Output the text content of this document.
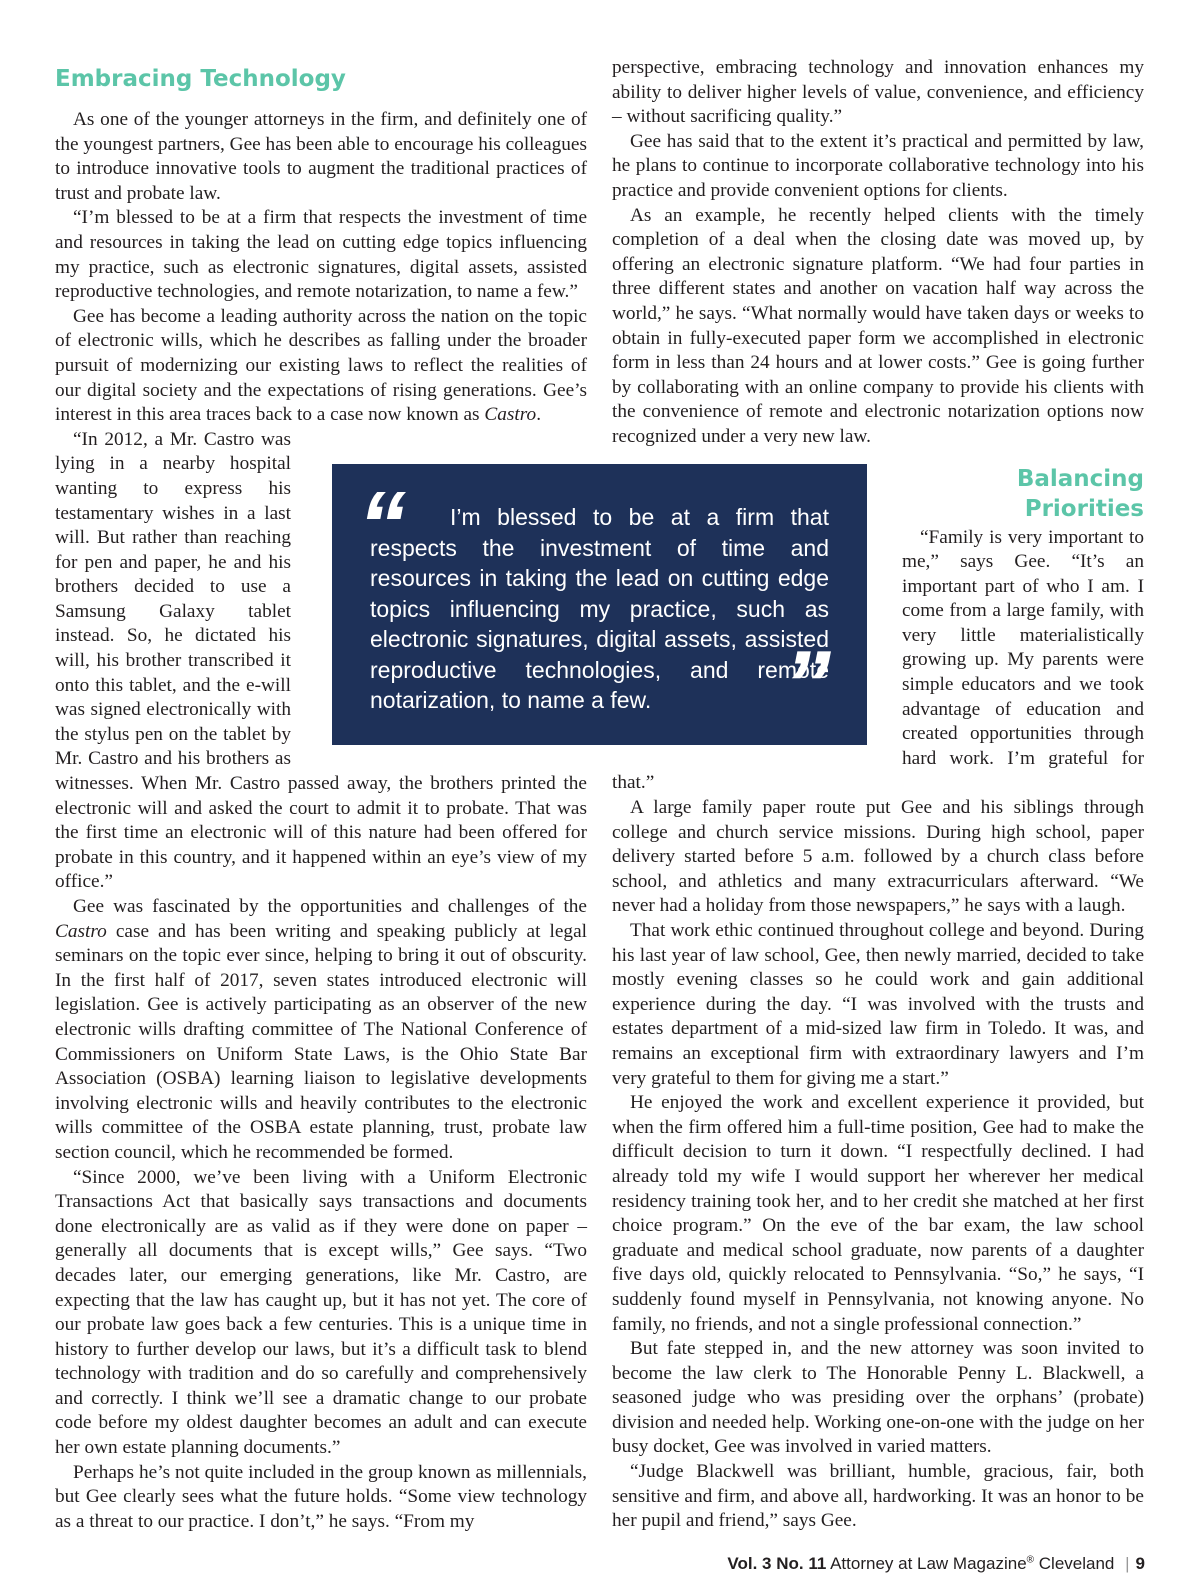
Embracing Technology

As one of the younger attorneys in the firm, and definitely one of the youngest partners, Gee has been able to encourage his colleagues to introduce innovative tools to augment the traditional practices of trust and probate law.

“I’m blessed to be at a firm that respects the investment of time and resources in taking the lead on cutting edge topics influencing my practice, such as electronic signatures, digital assets, assisted reproductive technologies, and remote notarization, to name a few.”

Gee has become a leading authority across the nation on the topic of electronic wills, which he describes as falling under the broader pursuit of modernizing our existing laws to reflect the realities of our digital society and the expectations of rising generations. Gee’s interest in this area traces back to a case now known as Castro.

“In 2012, a Mr. Castro was lying in a nearby hospital wanting to express his testamentary wishes in a last will. But rather than reaching for pen and paper, he and his brothers decided to use a Samsung Galaxy tablet instead. So, he dictated his will, his brother transcribed it onto this tablet, and the e-will was signed electronically with the stylus pen on the tablet by Mr. Castro and his brothers as witnesses. When Mr. Castro passed away, the brothers printed the electronic will and asked the court to admit it to probate. That was the first time an electronic will of this nature had been offered for probate in this country, and it happened within an eye’s view of my office.”

Gee was fascinated by the opportunities and challenges of the Castro case and has been writing and speaking publicly at legal seminars on the topic ever since, helping to bring it out of obscurity. In the first half of 2017, seven states introduced electronic will legislation. Gee is actively participating as an observer of the new electronic wills drafting committee of The National Conference of Commissioners on Uniform State Laws, is the Ohio State Bar Association (OSBA) learning liaison to legislative developments involving electronic wills and heavily contributes to the electronic wills committee of the OSBA estate planning, trust, probate law section council, which he recommended be formed.

“Since 2000, we’ve been living with a Uniform Electronic Transactions Act that basically says transactions and documents done electronically are as valid as if they were done on paper – generally all documents that is except wills,” Gee says. “Two decades later, our emerging generations, like Mr. Castro, are expecting that the law has caught up, but it has not yet. The core of our probate law goes back a few centuries. This is a unique time in history to further develop our laws, but it’s a difficult task to blend technology with tradition and do so carefully and comprehensively and correctly. I think we’ll see a dramatic change to our probate code before my oldest daughter becomes an adult and can execute her own estate planning documents.”

Perhaps he’s not quite included in the group known as millennials, but Gee clearly sees what the future holds. “Some view technology as a threat to our practice. I don’t,” he says. “From my

perspective, embracing technology and innovation enhances my ability to deliver higher levels of value, convenience, and efficiency – without sacrificing quality.”

Gee has said that to the extent it’s practical and permitted by law, he plans to continue to incorporate collaborative technology into his practice and provide convenient options for clients.

As an example, he recently helped clients with the timely completion of a deal when the closing date was moved up, by offering an electronic signature platform. “We had four parties in three different states and another on vacation half way across the world,” he says. “What normally would have taken days or weeks to obtain in fully-executed paper form we accomplished in electronic form in less than 24 hours and at lower costs.” Gee is going further by collaborating with an online company to provide his clients with the convenience of remote and electronic notarization options now recognized under a very new law.

Balancing Priorities

“Family is very important to me,” says Gee. “It’s an important part of who I am. I come from a large family, with very little materialistically growing up. My parents were simple educators and we took advantage of education and created opportunities through hard work. I’m grateful for that.”

A large family paper route put Gee and his siblings through college and church service missions. During high school, paper delivery started before 5 a.m. followed by a church class before school, and athletics and many extracurriculars afterward. “We never had a holiday from those newspapers,” he says with a laugh.

That work ethic continued throughout college and beyond. During his last year of law school, Gee, then newly married, decided to take mostly evening classes so he could work and gain additional experience during the day. “I was involved with the trusts and estates department of a mid-sized law firm in Toledo. It was, and remains an exceptional firm with extraordinary lawyers and I’m very grateful to them for giving me a start.”

He enjoyed the work and excellent experience it provided, but when the firm offered him a full-time position, Gee had to make the difficult decision to turn it down. “I respectfully declined. I had already told my wife I would support her wherever her medical residency training took her, and to her credit she matched at her first choice program.” On the eve of the bar exam, the law school graduate and medical school graduate, now parents of a daughter five days old, quickly relocated to Pennsylvania. “So,” he says, “I suddenly found myself in Pennsylvania, not knowing anyone. No family, no friends, and not a single professional connection.”

But fate stepped in, and the new attorney was soon invited to become the law clerk to The Honorable Penny L. Blackwell, a seasoned judge who was presiding over the orphans’ (probate) division and needed help. Working one-on-one with the judge on her busy docket, Gee was involved in varied matters.

“Judge Blackwell was brilliant, humble, gracious, fair, both sensitive and firm, and above all, hardworking. It was an honor to be her pupil and friend,” says Gee.

“	I’m blessed to be at a firm that respects the investment of time and resources in taking the lead on cutting edge topics influencing my practice, such as electronic signatures, digital assets, assisted reproductive technologies, and remote notarization, to name a few.	”
Vol. 3 No. 11 Attorney at Law Magazine® Cleveland | 9
